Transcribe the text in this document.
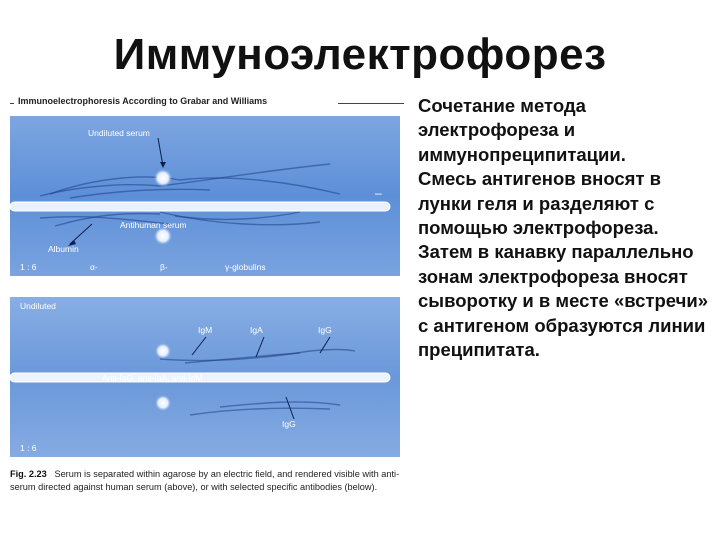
Иммуноэлектрофорез
Immunoelectrophoresis According to Grabar and Williams
Undiluted serum
Antihuman serum
–
Albumin
1 : 6	α-	β-	γ-globulins
Undiluted
IgM	IgA	IgG
Anti-IgG, anti-IgA, anti-IgM
IgG
1 : 6
Fig. 2.23 Serum is separated within agarose by an electric field, and rendered visible with anti-serum directed against human serum (above), or with selected specific antibodies (below).

Сочетание метода электрофореза и иммунопреципитации.

Смесь антигенов вносят в лунки геля и разделяют с помощью электрофореза.

Затем в канавку параллельно зонам электрофореза вносят сыворотку и в месте «встречи» с антигеном образуются линии преципитата.
